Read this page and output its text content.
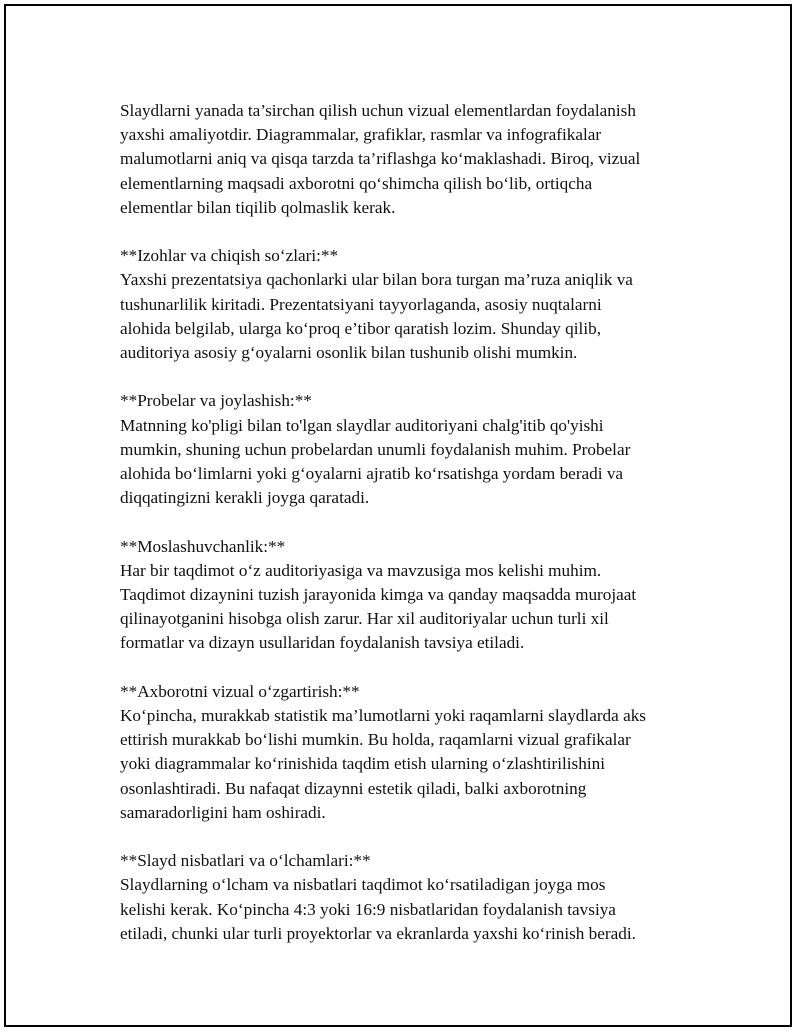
Slaydlarni yanada ta’sirchan qilish uchun vizual elementlardan foydalanish
yaxshi amaliyotdir. Diagrammalar, grafiklar, rasmlar va infografikalar
malumotlarni aniq va qisqa tarzda ta’riflashga ko‘maklashadi. Biroq, vizual
elementlarning maqsadi axborotni qo‘shimcha qilish bo‘lib, ortiqcha
elementlar bilan tiqilib qolmaslik kerak.

**Izohlar va chiqish so‘zlari:**

Yaxshi prezentatsiya qachonlarki ular bilan bora turgan ma’ruza aniqlik va
tushunarlilik kiritadi. Prezentatsiyani tayyorlaganda, asosiy nuqtalarni
alohida belgilab, ularga ko‘proq e’tibor qaratish lozim. Shunday qilib,
auditoriya asosiy g‘oyalarni osonlik bilan tushunib olishi mumkin.

**Probelar va joylashish:**

Matnning ko'pligi bilan to'lgan slaydlar auditoriyani chalg'itib qo'yishi
mumkin, shuning uchun probelardan unumli foydalanish muhim. Probelar
alohida bo‘limlarni yoki g‘oyalarni ajratib ko‘rsatishga yordam beradi va
diqqatingizni kerakli joyga qaratadi.

**Moslashuvchanlik:**

Har bir taqdimot o‘z auditoriyasiga va mavzusiga mos kelishi muhim.
Taqdimot dizaynini tuzish jarayonida kimga va qanday maqsadda murojaat
qilinayotganini hisobga olish zarur. Har xil auditoriyalar uchun turli xil
formatlar va dizayn usullaridan foydalanish tavsiya etiladi.

**Axborotni vizual o‘zgartirish:**

Ko‘pincha, murakkab statistik ma’lumotlarni yoki raqamlarni slaydlarda aks
ettirish murakkab bo‘lishi mumkin. Bu holda, raqamlarni vizual grafikalar
yoki diagrammalar ko‘rinishida taqdim etish ularning o‘zlashtirilishini
osonlashtiradi. Bu nafaqat dizaynni estetik qiladi, balki axborotning
samaradorligini ham oshiradi.

**Slayd nisbatlari va o‘lchamlari:**

Slaydlarning o‘lcham va nisbatlari taqdimot ko‘rsatiladigan joyga mos
kelishi kerak. Ko‘pincha 4:3 yoki 16:9 nisbatlaridan foydalanish tavsiya
etiladi, chunki ular turli proyektorlar va ekranlarda yaxshi ko‘rinish beradi.
